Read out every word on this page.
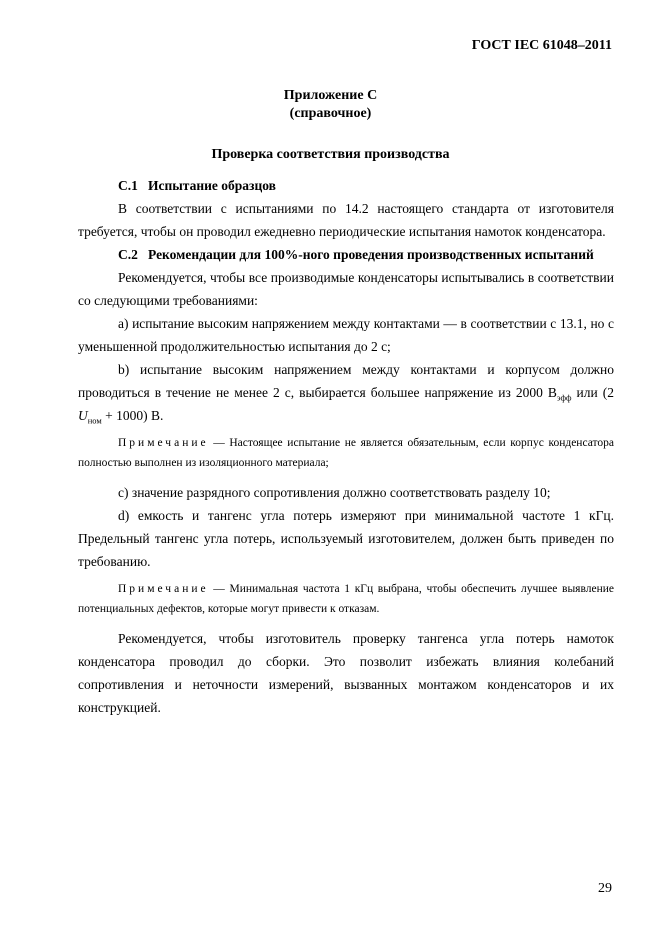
ГОСТ IEC 61048–2011
Приложение С
(справочное)
Проверка соответствия производства

С.1 Испытание образцов

В соответствии с испытаниями по 14.2 настоящего стандарта от изготовителя требуется, чтобы он проводил ежедневно периодические испытания намоток конденсатора.

С.2 Рекомендации для 100%-ного проведения производственных испытаний

Рекомендуется, чтобы все производимые конденсаторы испытывались в соответствии со следующими требованиями:

a) испытание высоким напряжением между контактами — в соответствии с 13.1, но с уменьшенной продолжительностью испытания до 2 с;

b) испытание высоким напряжением между контактами и корпусом должно проводиться в течение не менее 2 с, выбирается большее напряжение из 2000 $В_{эфф}$ или (2 $U_{ном} + 1000$) В.

Примечание — Настоящее испытание не является обязательным, если корпус конденсатора полностью выполнен из изоляционного материала;

c) значение разрядного сопротивления должно соответствовать разделу 10;

d) емкость и тангенс угла потерь измеряют при минимальной частоте 1 кГц. Предельный тангенс угла потерь, используемый изготовителем, должен быть приведен по требованию.

Примечание — Минимальная частота 1 кГц выбрана, чтобы обеспечить лучшее выявление потенциальных дефектов, которые могут привести к отказам.

Рекомендуется, чтобы изготовитель проверку тангенса угла потерь намоток конденсатора проводил до сборки. Это позволит избежать влияния колебаний сопротивления и неточности измерений, вызванных монтажом конденсаторов и их конструкцией.

29
